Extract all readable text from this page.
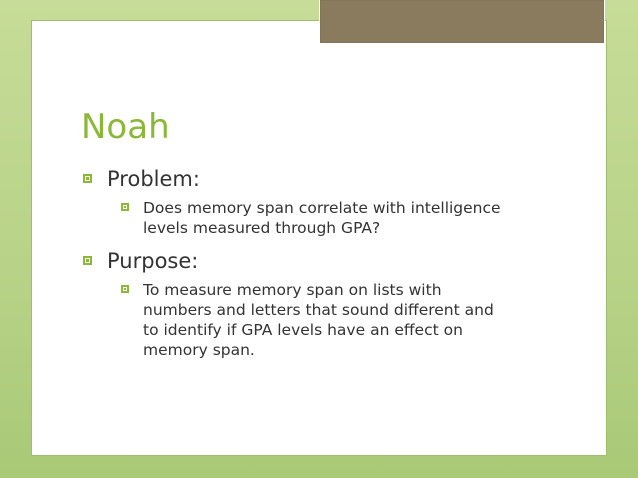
Noah

Problem:

Does memory span correlate with intelligence
levels measured through GPA?

Purpose:

To measure memory span on lists with
numbers and letters that sound different and
to identify if GPA levels have an effect on
memory span.
